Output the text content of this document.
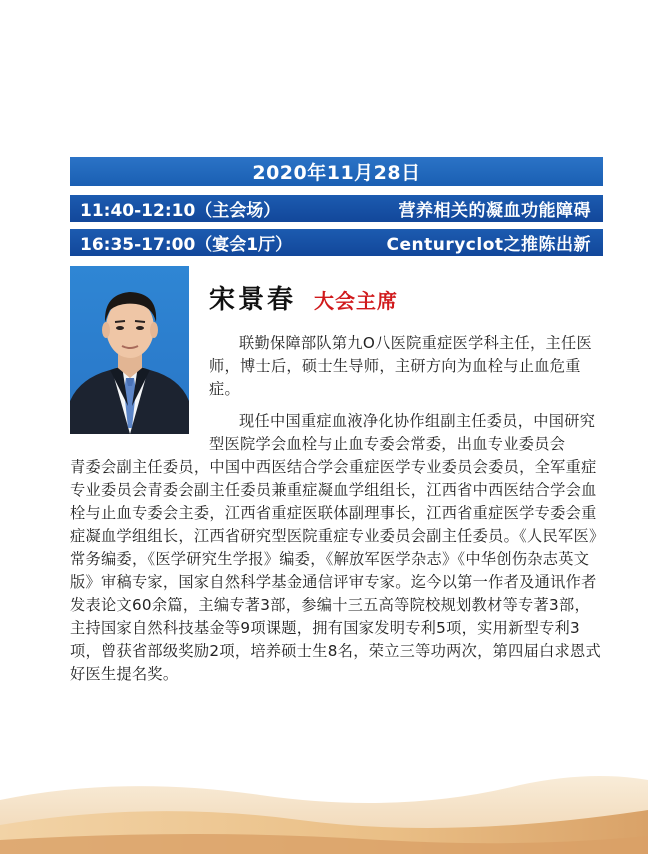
2020年11月28日
11:40-12:10（主会场）	营养相关的凝血功能障碍
16:35-17:00（宴会1厅）	Centuryclot之推陈出新
宋景春 大会主席

联勤保障部队第九O八医院重症医学科主任，主任医师，博士后，硕士生导师，主研方向为血栓与止血危重症。

现任中国重症血液净化协作组副主任委员，中国研究型医院学会血栓与止血专委会常委，出血专业委员会

青委会副主任委员，中国中西医结合学会重症医学专业委员会委员，全军重症专业委员会青委会副主任委员兼重症凝血学组组长，江西省中西医结合学会血栓与止血专委会主委，江西省重症医联体副理事长，江西省重症医学专委会重症凝血学组组长，江西省研究型医院重症专业委员会副主任委员。《人民军医》常务编委，《医学研究生学报》编委，《解放军医学杂志》《中华创伤杂志英文版》审稿专家，国家自然科学基金通信评审专家。迄今以第一作者及通讯作者发表论文60余篇，主编专著3部，参编十三五高等院校规划教材等专著3部，主持国家自然科技基金等9项课题，拥有国家发明专利5项，实用新型专利3项，曾获省部级奖励2项，培养硕士生8名，荣立三等功两次，第四届白求恩式好医生提名奖。
